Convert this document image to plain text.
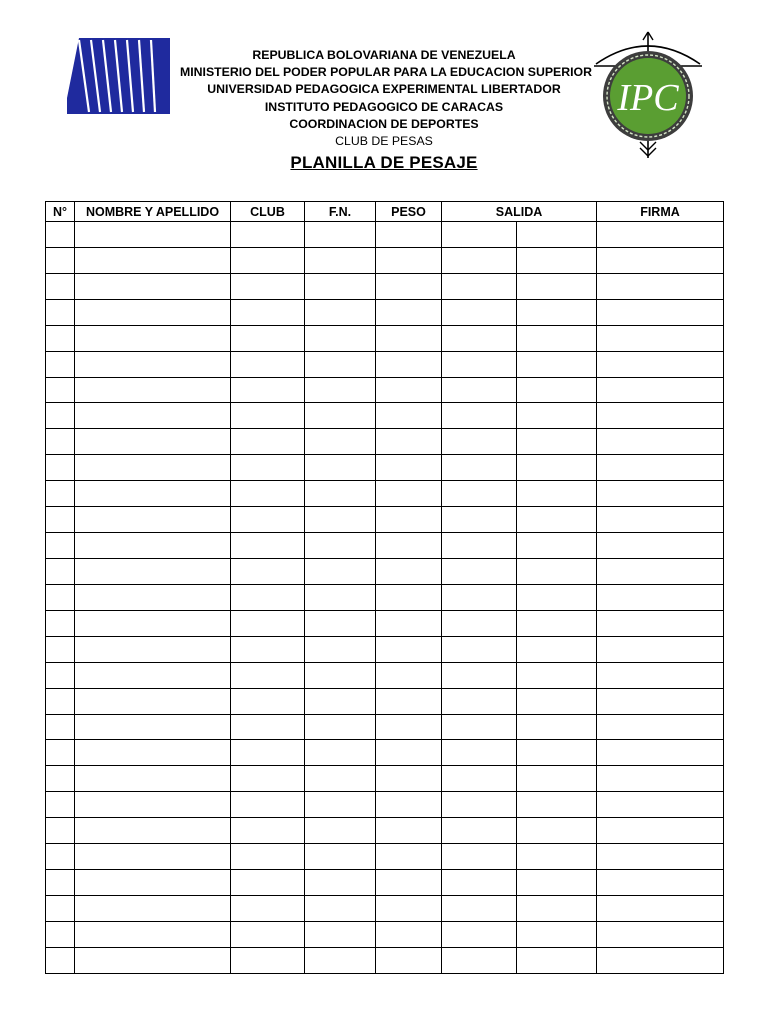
IPC
REPUBLICA BOLOVARIANA DE VENEZUELA
MINISTERIO DEL PODER POPULAR PARA LA EDUCACION SUPERIOR
UNIVERSIDAD PEDAGOGICA EXPERIMENTAL LIBERTADOR
INSTITUTO PEDAGOGICO DE CARACAS
COORDINACION DE DEPORTES
CLUB DE PESAS
PLANILLA DE PESAJE
N°	NOMBRE Y APELLIDO	CLUB	F.N.	PESO	SALIDA		FIRMA
